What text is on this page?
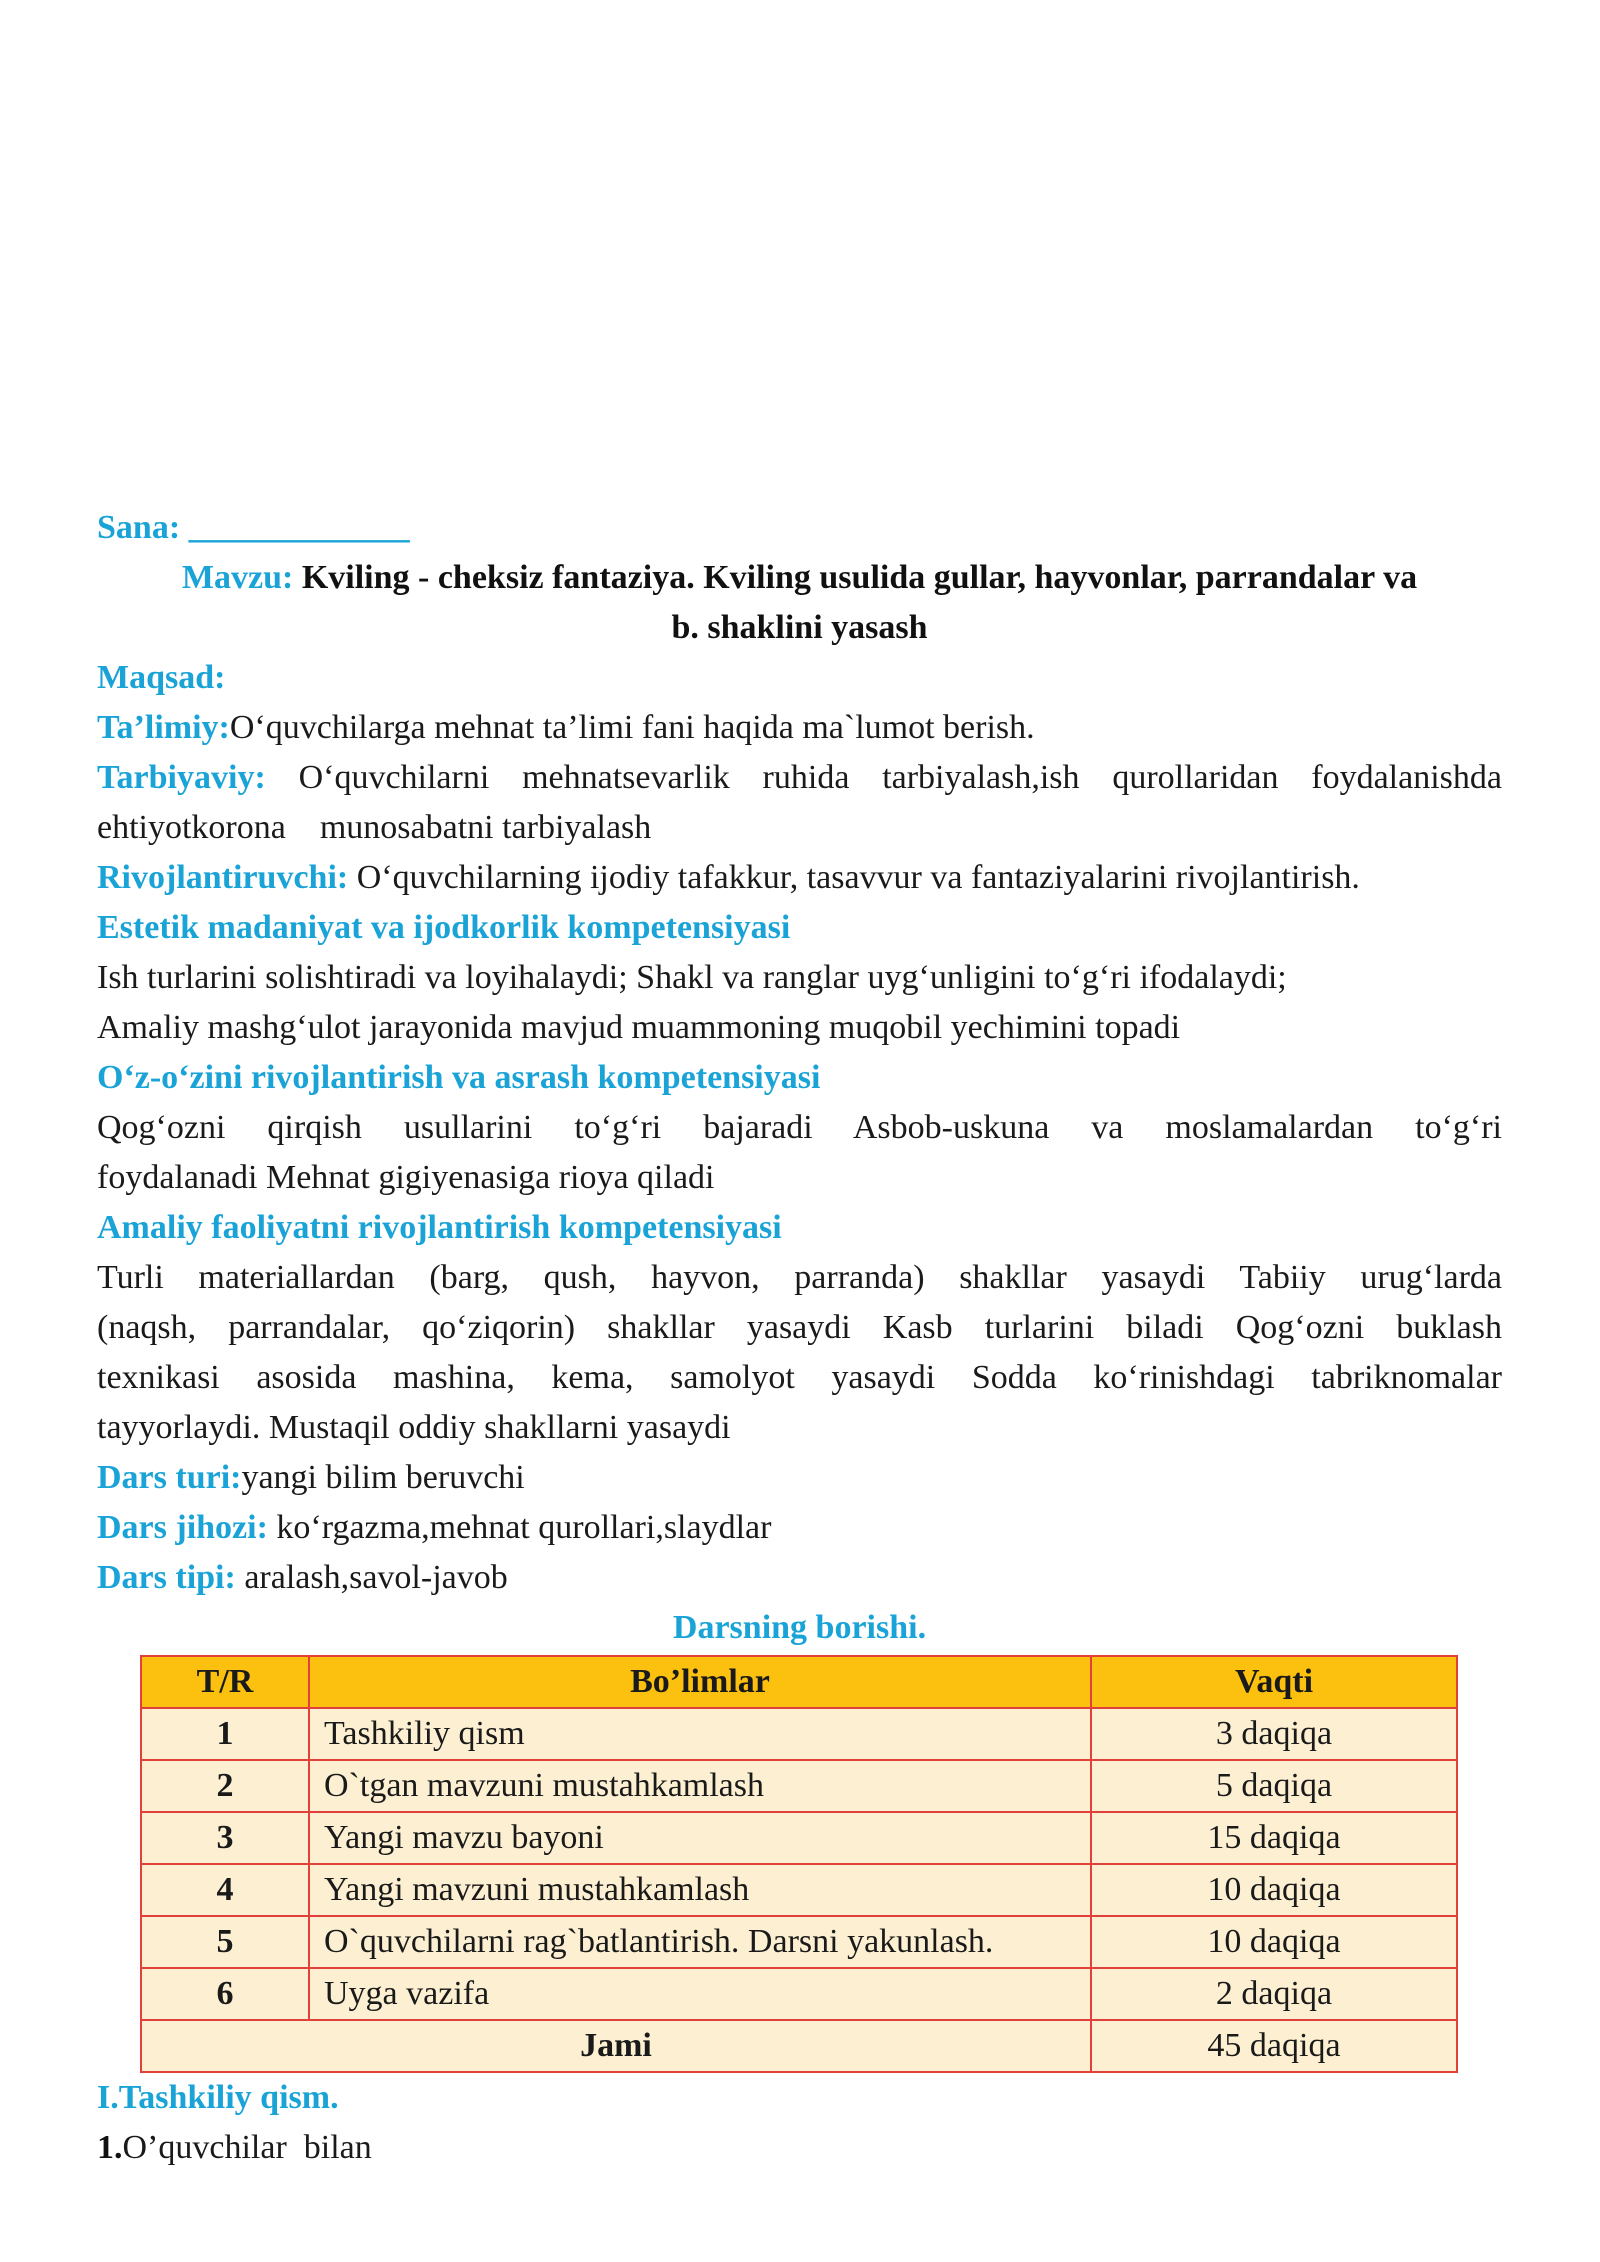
Sana: _____________

Mavzu: Kviling - cheksiz fantaziya. Kviling usulida gullar, hayvonlar, parrandalar va

b. shaklini yasash

Maqsad:

Ta’limiy:O‘quvchilarga mehnat ta’limi fani haqida ma`lumot berish.

Tarbiyaviy: O‘quvchilarni mehnatsevarlik ruhida tarbiyalash,ish qurollaridan foydalanishda

ehtiyotkorona    munosabatni tarbiyalash

Rivojlantiruvchi: O‘quvchilarning ijodiy tafakkur, tasavvur va fantaziyalarini rivojlantirish.

Estetik madaniyat va ijodkorlik kompetensiyasi

Ish turlarini solishtiradi va loyihalaydi; Shakl va ranglar uyg‘unligini to‘g‘ri ifodalaydi;

Amaliy mashg‘ulot jarayonida mavjud muammoning muqobil yechimini topadi

O‘z-o‘zini rivojlantirish va asrash kompetensiyasi

Qog‘ozni qirqish usullarini to‘g‘ri bajaradi Asbob-uskuna va moslamalardan to‘g‘ri

foydalanadi Mehnat gigiyenasiga rioya qiladi

Amaliy faoliyatni rivojlantirish kompetensiyasi

Turli materiallardan (barg, qush, hayvon, parranda) shakllar yasaydi Tabiiy urug‘larda

(naqsh, parrandalar, qo‘ziqorin) shakllar yasaydi Kasb turlarini biladi Qog‘ozni buklash

texnikasi asosida mashina, kema, samolyot yasaydi Sodda ko‘rinishdagi tabriknomalar

tayyorlaydi. Mustaqil oddiy shakllarni yasaydi

Dars turi:yangi bilim beruvchi

Dars jihozi: ko‘rgazma,mehnat qurollari,slaydlar

Dars tipi: aralash,savol-javob

Darsning borishi.

T/R	Bo’limlar	Vaqti
1	Tashkiliy qism	3 daqiqa
2	O`tgan mavzuni mustahkamlash	5 daqiqa
3	Yangi mavzu bayoni	15 daqiqa
4	Yangi mavzuni mustahkamlash	10 daqiqa
5	O`quvchilarni rag`batlantirish. Darsni yakunlash.	10 daqiqa
6	Uyga vazifa	2 daqiqa
Jami		45 daqiqa

I.Tashkiliy qism.

1.O’quvchilar  bilan
